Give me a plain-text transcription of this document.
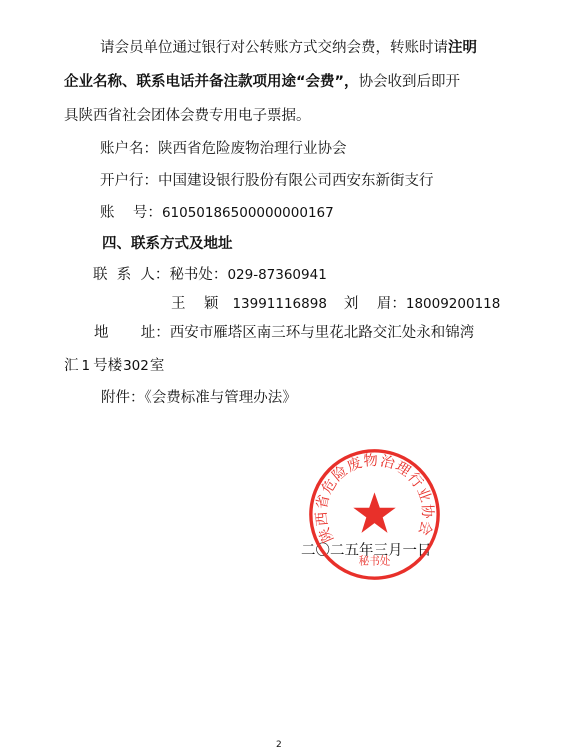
请会员单位通过银行对公转账方式交纳会费，转账时请注明
企业名称、联系电话并备注款项用途“会费”，协会收到后即开
具陕西省社会团体会费专用电子票据。
账户名：陕西省危险废物治理行业协会
开户行：中国建设银行股份有限公司西安东新街支行
账    号：61050186500000000167
四、联系方式及地址
联  系  人：秘书处：029-87360941
王    颖 13991116898 刘    眉：18009200118
地       址：西安市雁塔区南三环与里花北路交汇处永和锦湾
汇 1 号楼302室
附件：《会费标准与管理办法》
二〇二五年三月一日
陕西省危险废物治理行业协会
秘书处
2
